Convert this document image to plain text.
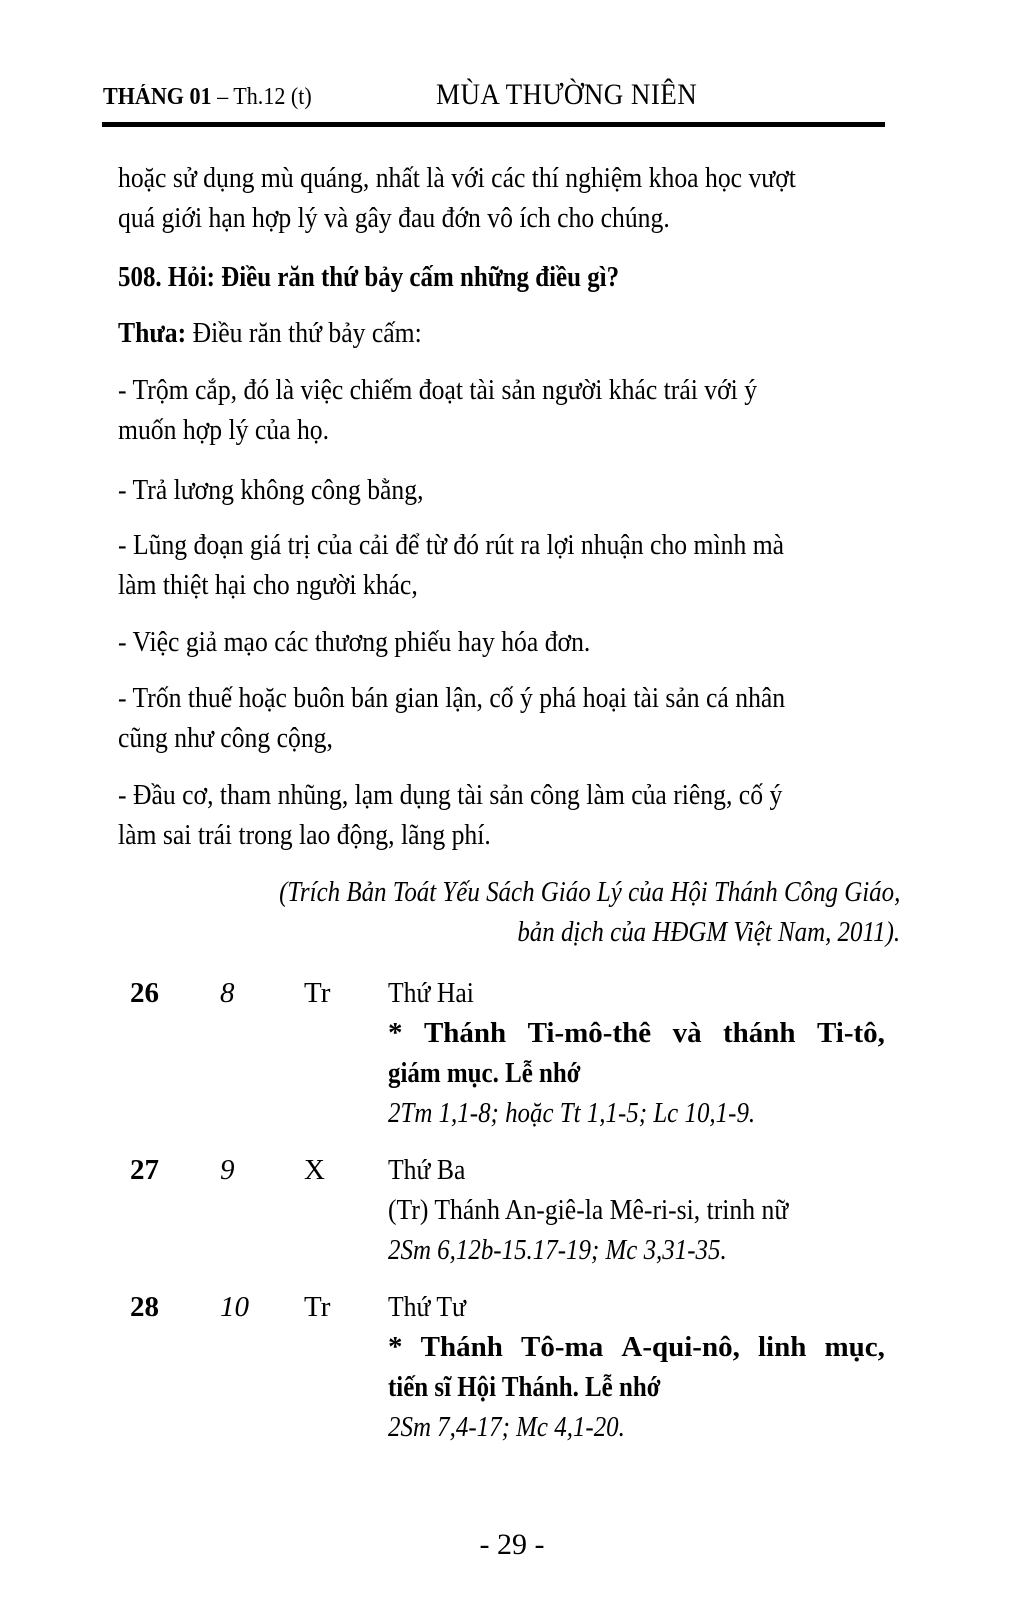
THÁNG 01 – Th.12 (t)	MÙA THƯỜNG NIÊN
hoặc sử dụng mù quáng, nhất là với các thí nghiệm khoa học vượt
quá giới hạn hợp lý và gây đau đớn vô ích cho chúng.
508. Hỏi: Điều răn thứ bảy cấm những điều gì?
Thưa: Điều răn thứ bảy cấm:
- Trộm cắp, đó là việc chiếm đoạt tài sản người khác trái với ý
muốn hợp lý của họ.
- Trả lương không công bằng,
- Lũng đoạn giá trị của cải để từ đó rút ra lợi nhuận cho mình mà
làm thiệt hại cho người khác,
- Việc giả mạo các thương phiếu hay hóa đơn.
- Trốn thuế hoặc buôn bán gian lận, cố ý phá hoại tài sản cá nhân
cũng như công cộng,
- Đầu cơ, tham nhũng, lạm dụng tài sản công làm của riêng, cố ý
làm sai trái trong lao động, lãng phí.
(Trích Bản Toát Yếu Sách Giáo Lý của Hội Thánh Công Giáo,
bản dịch của HĐGM Việt Nam, 2011).
26 8 Tr Thứ Hai
* Thánh Ti-mô-thê và thánh Ti-tô,
giám mục. Lễ nhớ
2Tm 1,1-8; hoặc Tt 1,1-5; Lc 10,1-9.
27 9 X Thứ Ba
(Tr) Thánh An-giê-la Mê-ri-si, trinh nữ
2Sm 6,12b-15.17-19; Mc 3,31-35.
28 10 Tr Thứ Tư
* Thánh Tô-ma A-qui-nô, linh mục,
tiến sĩ Hội Thánh. Lễ nhớ
2Sm 7,4-17; Mc 4,1-20.
- 29 -
